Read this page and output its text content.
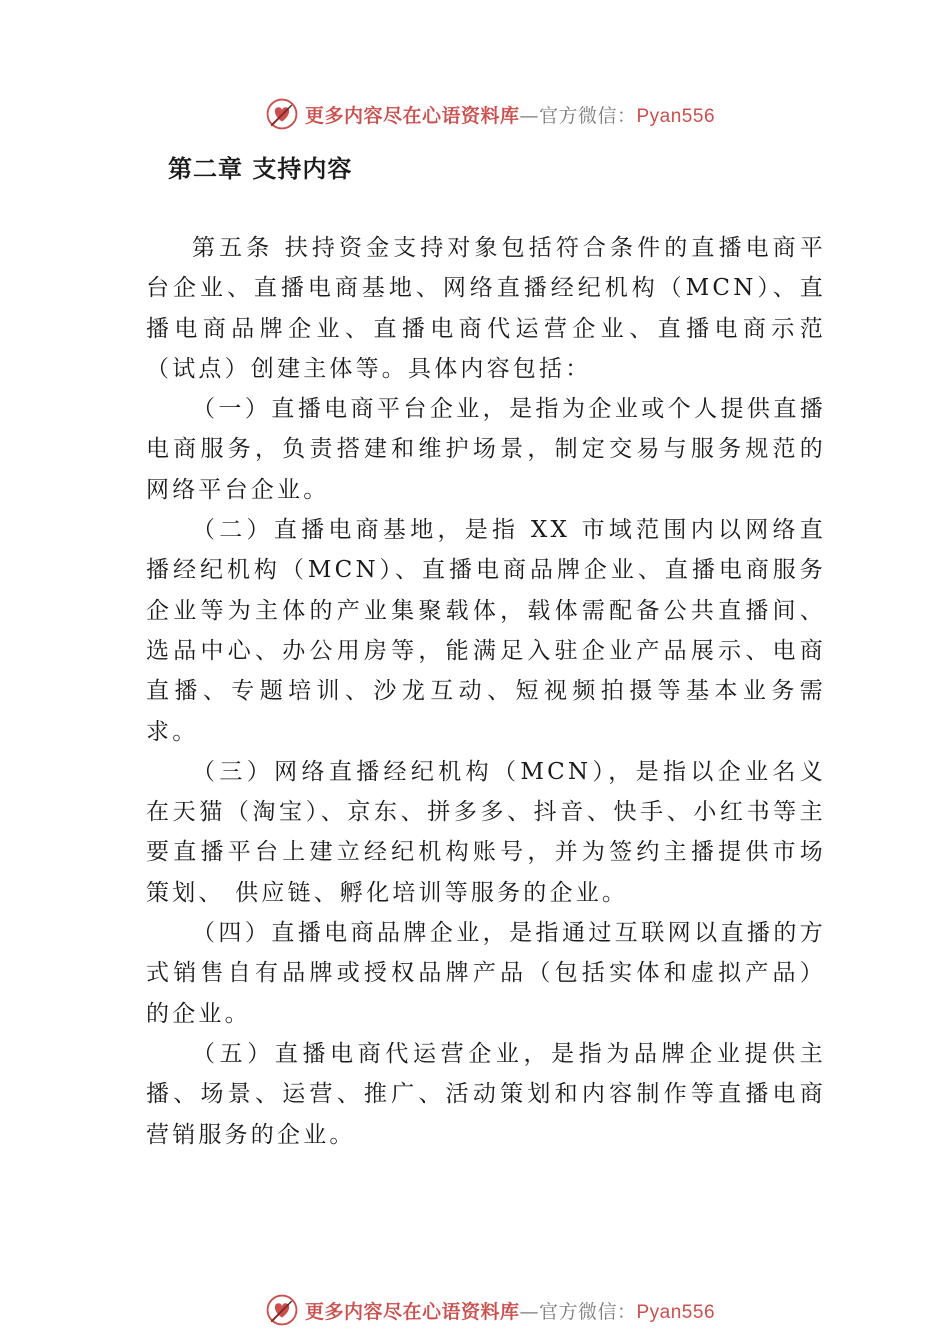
更多内容尽在心语资料库—官方微信：Pyan556
第二章 支持内容

第五条 扶持资金支持对象包括符合条件的直播电商平台企业、直播电商基地、网络直播经纪机构（MCN）、直播电商品牌企业、直播电商代运营企业、直播电商示范（试点）创建主体等。具体内容包括：

（一）直播电商平台企业，是指为企业或个人提供直播电商服务，负责搭建和维护场景，制定交易与服务规范的网络平台企业。

（二）直播电商基地，是指 XX 市域范围内以网络直播经纪机构（MCN）、直播电商品牌企业、直播电商服务企业等为主体的产业集聚载体，载体需配备公共直播间、选品中心、办公用房等，能满足入驻企业产品展示、电商直播、专题培训、沙龙互动、短视频拍摄等基本业务需求。

（三）网络直播经纪机构（MCN），是指以企业名义在天猫（淘宝）、京东、拼多多、抖音、快手、小红书等主要直播平台上建立经纪机构账号，并为签约主播提供市场策划、 供应链、孵化培训等服务的企业。

（四）直播电商品牌企业，是指通过互联网以直播的方式销售自有品牌或授权品牌产品（包括实体和虚拟产品）的企业。

（五）直播电商代运营企业，是指为品牌企业提供主播、场景、运营、推广、活动策划和内容制作等直播电商营销服务的企业。

更多内容尽在心语资料库—官方微信：Pyan556
